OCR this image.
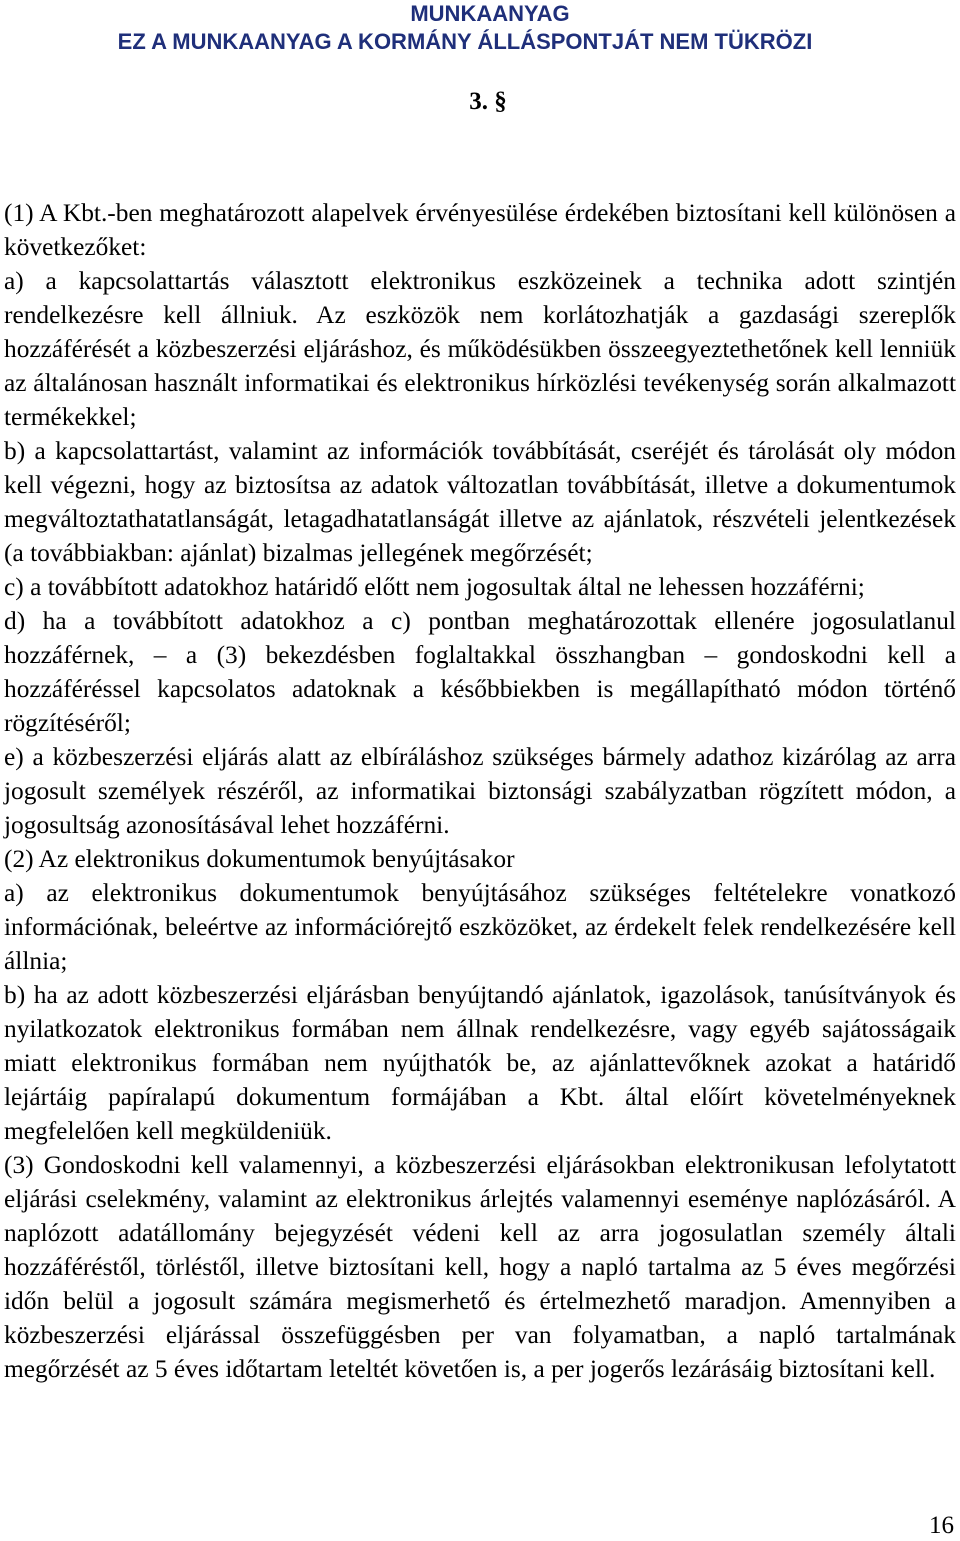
MUNKAANYAG
EZ A MUNKAANYAG A KORMÁNY ÁLLÁSPONTJÁT NEM TÜKRÖZI
3. §

(1) A Kbt.-ben meghatározott alapelvek érvényesülése érdekében biztosítani kell különösen a következőket:

a) a kapcsolattartás választott elektronikus eszközeinek a technika adott szintjén rendelkezésre kell állniuk. Az eszközök nem korlátozhatják a gazdasági szereplők hozzáférését a közbeszerzési eljáráshoz, és működésükben összeegyeztethetőnek kell lenniük az általánosan használt informatikai és elektronikus hírközlési tevékenység során alkalmazott termékekkel;

b) a kapcsolattartást, valamint az információk továbbítását, cseréjét és tárolását oly módon kell végezni, hogy az biztosítsa az adatok változatlan továbbítását, illetve a dokumentumok megváltoztathatatlanságát, letagadhatatlanságát illetve az ajánlatok, részvételi jelentkezések (a továbbiakban: ajánlat) bizalmas jellegének megőrzését;

c) a továbbított adatokhoz határidő előtt nem jogosultak által ne lehessen hozzáférni;

d) ha a továbbított adatokhoz a c) pontban meghatározottak ellenére jogosulatlanul hozzáférnek, – a (3) bekezdésben foglaltakkal összhangban – gondoskodni kell a hozzáféréssel kapcsolatos adatoknak a későbbiekben is megállapítható módon történő rögzítéséről;

e) a közbeszerzési eljárás alatt az elbíráláshoz szükséges bármely adathoz kizárólag az arra jogosult személyek részéről, az informatikai biztonsági szabályzatban rögzített módon, a jogosultság azonosításával lehet hozzáférni.

(2) Az elektronikus dokumentumok benyújtásakor

a) az elektronikus dokumentumok benyújtásához szükséges feltételekre vonatkozó információnak, beleértve az információrejtő eszközöket, az érdekelt felek rendelkezésére kell állnia;

b) ha az adott közbeszerzési eljárásban benyújtandó ajánlatok, igazolások, tanúsítványok és nyilatkozatok elektronikus formában nem állnak rendelkezésre, vagy egyéb sajátosságaik miatt elektronikus formában nem nyújthatók be, az ajánlattevőknek azokat a határidő lejártáig papíralapú dokumentum formájában a Kbt. által előírt követelményeknek megfelelően kell megküldeniük.

(3) Gondoskodni kell valamennyi, a közbeszerzési eljárásokban elektronikusan lefolytatott eljárási cselekmény, valamint az elektronikus árlejtés valamennyi eseménye naplózásáról. A naplózott adatállomány bejegyzését védeni kell az arra jogosulatlan személy általi hozzáféréstől, törléstől, illetve biztosítani kell, hogy a napló tartalma az 5 éves megőrzési időn belül a jogosult számára megismerhető és értelmezhető maradjon. Amennyiben a közbeszerzési eljárással összefüggésben per van folyamatban, a napló tartalmának megőrzését az 5 éves időtartam leteltét követően is, a per jogerős lezárásáig biztosítani kell.

16
